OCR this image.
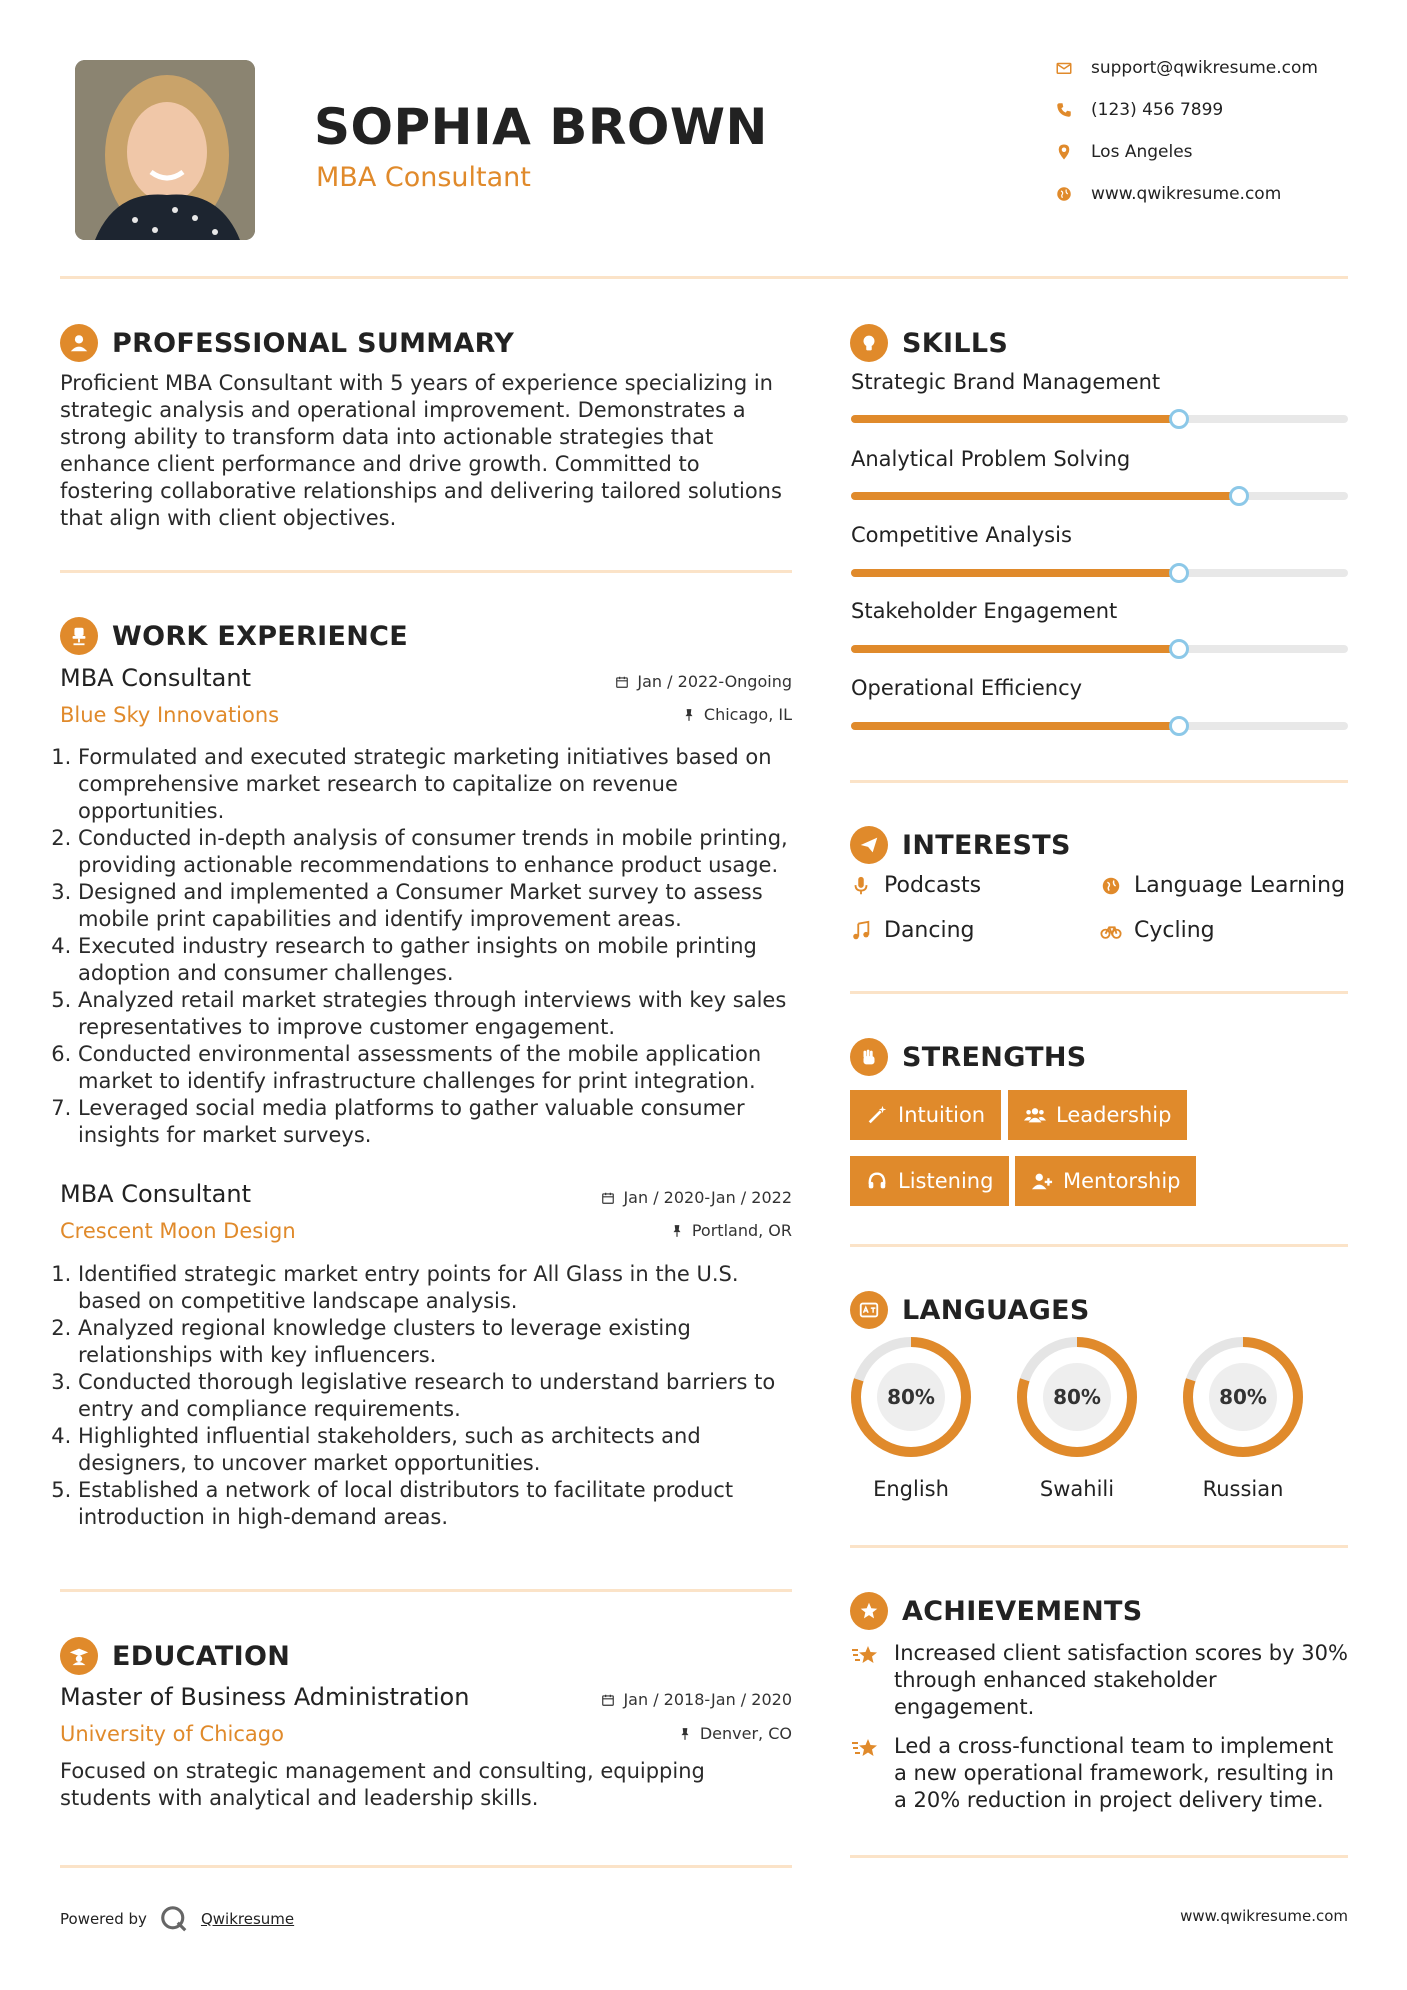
SOPHIA BROWN
MBA Consultant
support@qwikresume.com
(123) 456 7899
Los Angeles
www.qwikresume.com
PROFESSIONAL SUMMARY
Proficient MBA Consultant with 5 years of experience specializing in strategic analysis and operational improvement. Demonstrates a strong ability to transform data into actionable strategies that enhance client performance and drive growth. Committed to fostering collaborative relationships and delivering tailored solutions that align with client objectives.
WORK EXPERIENCE
MBA Consultant
Blue Sky Innovations
Jan / 2022-Ongoing
Chicago, IL
1. Formulated and executed strategic marketing initiatives based on comprehensive market research to capitalize on revenue opportunities.
2. Conducted in-depth analysis of consumer trends in mobile printing, providing actionable recommendations to enhance product usage.
3. Designed and implemented a Consumer Market survey to assess mobile print capabilities and identify improvement areas.
4. Executed industry research to gather insights on mobile printing adoption and consumer challenges.
5. Analyzed retail market strategies through interviews with key sales representatives to improve customer engagement.
6. Conducted environmental assessments of the mobile application market to identify infrastructure challenges for print integration.
7. Leveraged social media platforms to gather valuable consumer insights for market surveys.
MBA Consultant
Crescent Moon Design
Jan / 2020-Jan / 2022
Portland, OR
1. Identified strategic market entry points for All Glass in the U.S. based on competitive landscape analysis.
2. Analyzed regional knowledge clusters to leverage existing relationships with key influencers.
3. Conducted thorough legislative research to understand barriers to entry and compliance requirements.
4. Highlighted influential stakeholders, such as architects and designers, to uncover market opportunities.
5. Established a network of local distributors to facilitate product introduction in high-demand areas.
EDUCATION
Master of Business Administration
University of Chicago
Jan / 2018-Jan / 2020
Denver, CO
Focused on strategic management and consulting, equipping students with analytical and leadership skills.
SKILLS
Strategic Brand Management
Analytical Problem Solving
Competitive Analysis
Stakeholder Engagement
Operational Efficiency
INTERESTS
Podcasts	Language Learning
Dancing	Cycling
STRENGTHS
Intuition	Leadership
Listening	Mentorship
LANGUAGES
80%
English
80%
Swahili
80%
Russian
ACHIEVEMENTS
Increased client satisfaction scores by 30% through enhanced stakeholder engagement.
Led a cross-functional team to implement a new operational framework, resulting in a 20% reduction in project delivery time.
Powered by	Qwikresume	www.qwikresume.com
